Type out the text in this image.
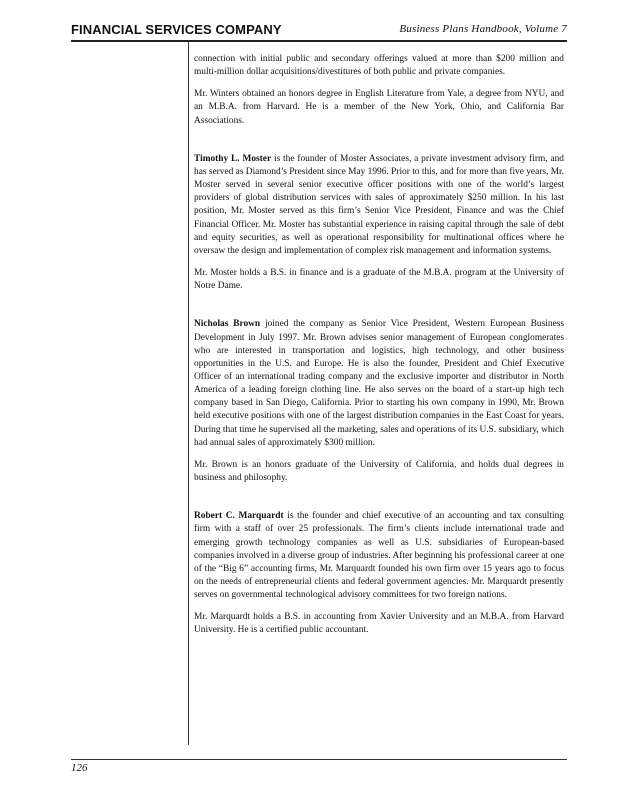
FINANCIAL SERVICES COMPANY	Business Plans Handbook, Volume 7

connection with initial public and secondary offerings valued at more than $200 million and multi-million dollar acquisitions/divestitures of both public and private companies.

Mr. Winters obtained an honors degree in English Literature from Yale, a degree from NYU, and an M.B.A. from Harvard. He is a member of the New York, Ohio, and California Bar Associations.

Timothy L. Moster is the founder of Moster Associates, a private investment advisory firm, and has served as Diamond’s President since May 1996. Prior to this, and for more than five years, Mr. Moster served in several senior executive officer positions with one of the world’s largest providers of global distribution services with sales of approximately $250 million. In his last position, Mr. Moster served as this firm’s Senior Vice President, Finance and was the Chief Financial Officer. Mr. Moster has substantial experience in raising capital through the sale of debt and equity securities, as well as operational responsibility for multinational offices where he oversaw the design and implementation of complex risk management and information systems.

Mr. Moster holds a B.S. in finance and is a graduate of the M.B.A. program at the University of Notre Dame.

Nicholas Brown joined the company as Senior Vice President, Western European Business Development in July 1997. Mr. Brown advises senior management of European conglomerates who are interested in transportation and logistics, high technology, and other business opportunities in the U.S. and Europe. He is also the founder, President and Chief Executive Officer of an international trading company and the exclusive importer and distributor in North America of a leading foreign clothing line. He also serves on the board of a start-up high tech company based in San Diego, California. Prior to starting his own company in 1990, Mr. Brown held executive positions with one of the largest distribution companies in the East Coast for years. During that time he supervised all the marketing, sales and operations of its U.S. subsidiary, which had annual sales of approximately $300 million.

Mr. Brown is an honors graduate of the University of California, and holds dual degrees in business and philosophy.

Robert C. Marquardt is the founder and chief executive of an accounting and tax consulting firm with a staff of over 25 professionals. The firm’s clients include international trade and emerging growth technology companies as well as U.S. subsidiaries of European-based companies involved in a diverse group of industries. After beginning his professional career at one of the “Big 6” accounting firms, Mr. Marquardt founded his own firm over 15 years ago to focus on the needs of entrepreneurial clients and federal government agencies. Mr. Marquardt presently serves on governmental technological advisory committees for two foreign nations.

Mr. Marquardt holds a B.S. in accounting from Xavier University and an M.B.A. from Harvard University. He is a certified public accountant.

126
